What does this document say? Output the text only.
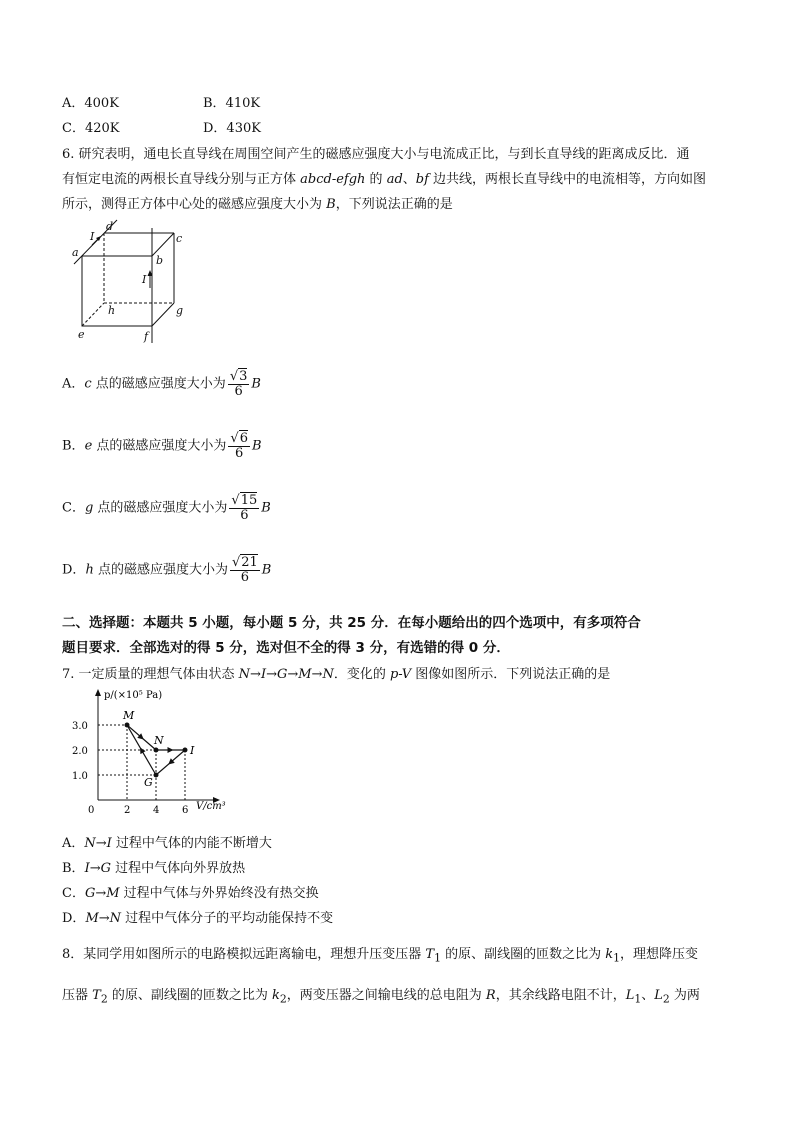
A．400K	B．410K
C．420K	D．430K
6. 研究表明，通电长直导线在周围空间产生的磁感应强度大小与电流成正比，与到长直导线的距离成反比．通
有恒定电流的两根长直导线分别与正方体 abcd-efgh 的 ad、bf 边共线，两根长直导线中的电流相等，方向如图
所示，测得正方体中心处的磁感应强度大小为 B，下列说法正确的是
I
d
a
c
b
I
h	g
e	f
A．c 点的磁感应强度大小为 $\frac{√3}{6}$ B
B．e 点的磁感应强度大小为 $\frac{√6}{6}$ B
C．g 点的磁感应强度大小为 $\frac{√15}{6}$ B
D．h 点的磁感应强度大小为 $\frac{√21}{6}$ B
二、选择题：本题共 5 小题，每小题 5 分，共 25 分．在每小题给出的四个选项中，有多项符合
题目要求．全部选对的得 5 分，选对但不全的得 3 分，有选错的得 0 分．
7. 一定质量的理想气体由状态 N→I→G→M→N．变化的 p-V 图像如图所示．下列说法正确的是
p/(×10⁵ Pa)
V/cm³
0
1.0
2.0
3.0
2 4 6
M
N
I
G
A．N→I 过程中气体的内能不断增大
B．I→G 过程中气体向外界放热
C．G→M 过程中气体与外界始终没有热交换
D．M→N 过程中气体分子的平均动能保持不变
8．某同学用如图所示的电路模拟远距离输电，理想升压变压器 $T_1$ 的原、副线圈的匝数之比为 $k_1$，理想降压变
压器 $T_2$ 的原、副线圈的匝数之比为 $k_2$，两变压器之间输电线的总电阻为 R，其余线路电阻不计，$L_1$、$L_2$ 为两
